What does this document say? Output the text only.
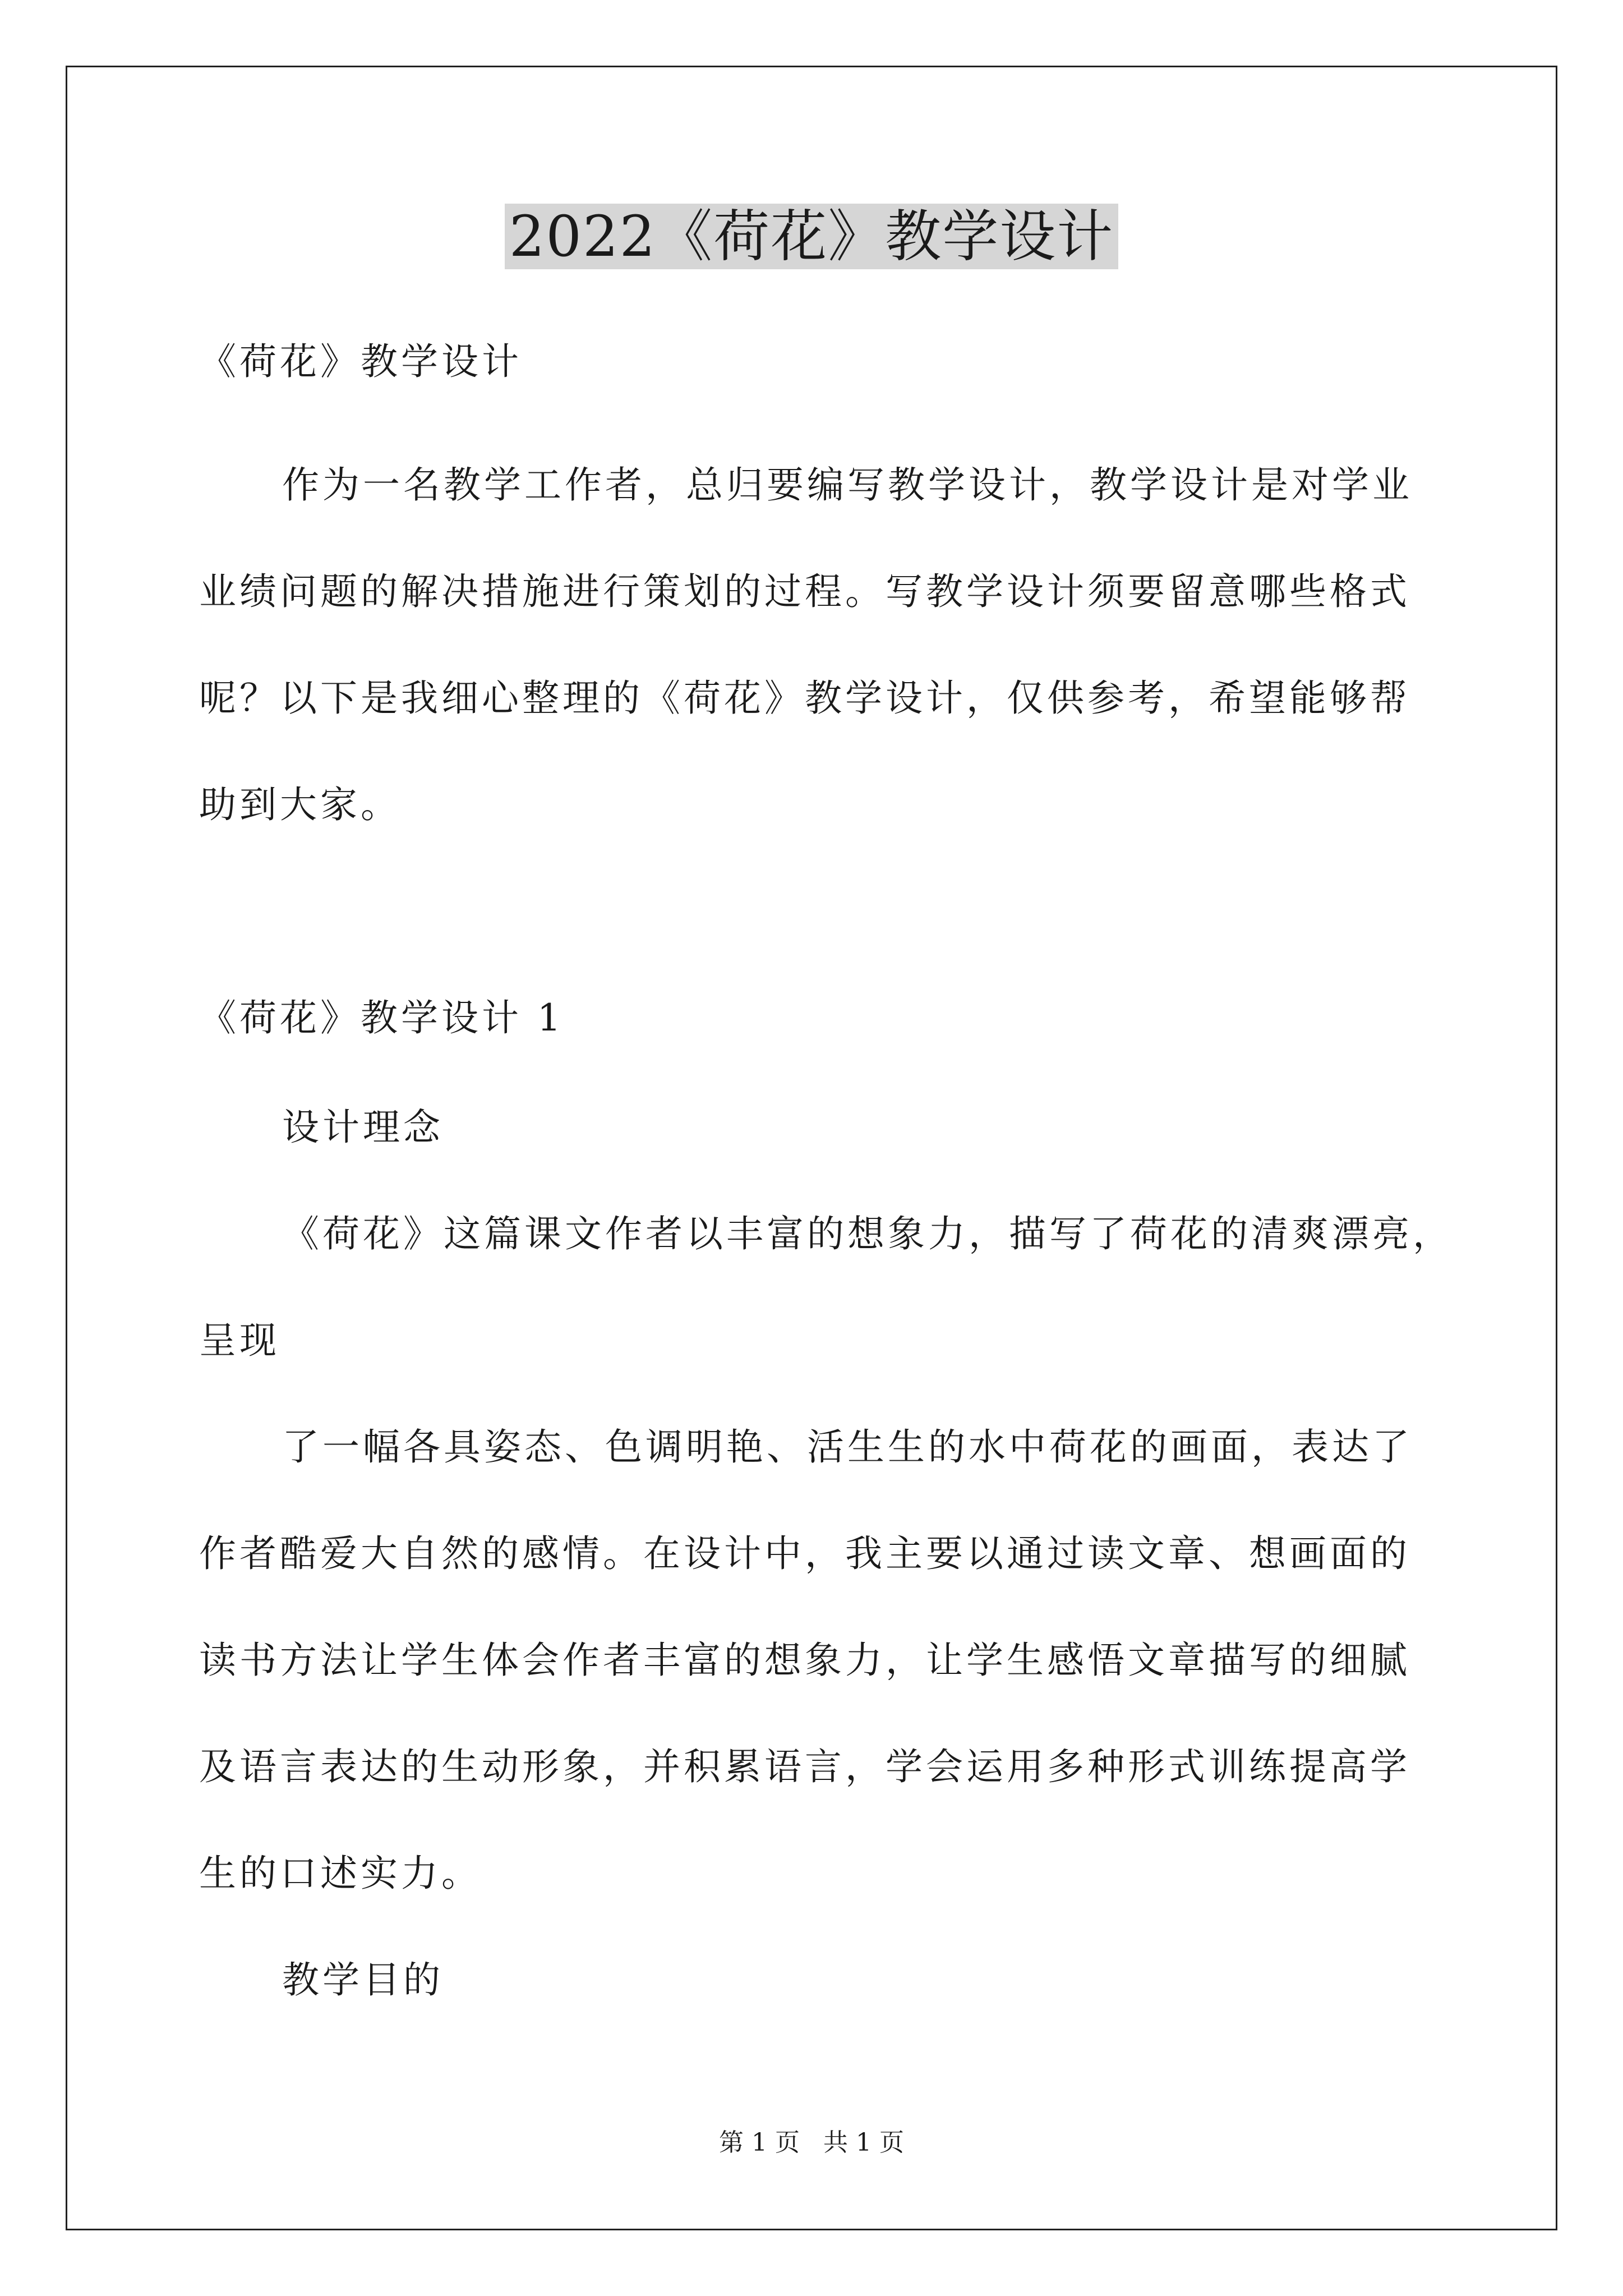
2022《荷花》教学设计
《荷花》教学设计
作为一名教学工作者，总归要编写教学设计，教学设计是对学业
业绩问题的解决措施进行策划的过程。写教学设计须要留意哪些格式
呢？以下是我细心整理的《荷花》教学设计，仅供参考，希望能够帮
助到大家。
《荷花》教学设计 1
设计理念
《荷花》这篇课文作者以丰富的想象力，描写了荷花的清爽漂亮，
呈现
了一幅各具姿态、色调明艳、活生生的水中荷花的画面，表达了
作者酷爱大自然的感情。在设计中，我主要以通过读文章、想画面的
读书方法让学生体会作者丰富的想象力，让学生感悟文章描写的细腻
及语言表达的生动形象，并积累语言，学会运用多种形式训练提高学
生的口述实力。
教学目的
第 1 页 共 1 页
